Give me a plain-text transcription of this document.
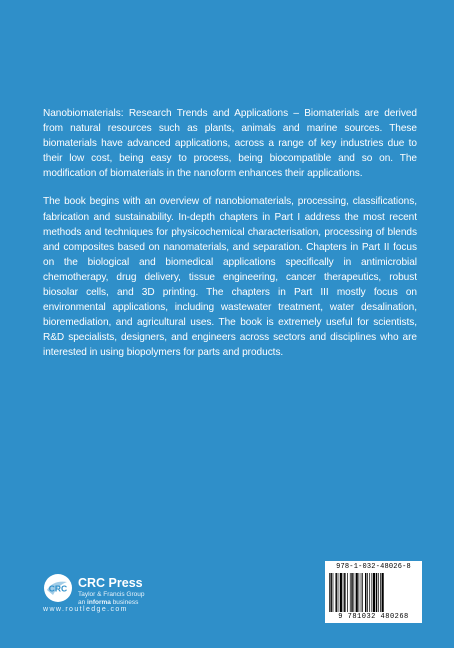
Nanobiomaterials: Research Trends and Applications – Biomaterials are derived from natural resources such as plants, animals and marine sources. These biomaterials have advanced applications, across a range of key industries due to their low cost, being easy to process, being biocompatible and so on. The modification of biomaterials in the nanoform enhances their applications.

The book begins with an overview of nanobiomaterials, processing, classifications, fabrication and sustainability. In-depth chapters in Part I address the most recent methods and techniques for physicochemical characterisation, processing of blends and composites based on nanomaterials, and separation. Chapters in Part II focus on the biological and biomedical applications specifically in antimicrobial chemotherapy, drug delivery, tissue engineering, cancer therapeutics, robust biosolar cells, and 3D printing. The chapters in Part III mostly focus on environmental applications, including wastewater treatment, water desalination, bioremediation, and agricultural uses. The book is extremely useful for scientists, R&D specialists, designers, and engineers across sectors and disciplines who are interested in using biopolymers for parts and products.

CRC CRC Press
Taylor & Francis Group
an informa business
www.routledge.com
978-1-032-48026-8
9 781032 480268
